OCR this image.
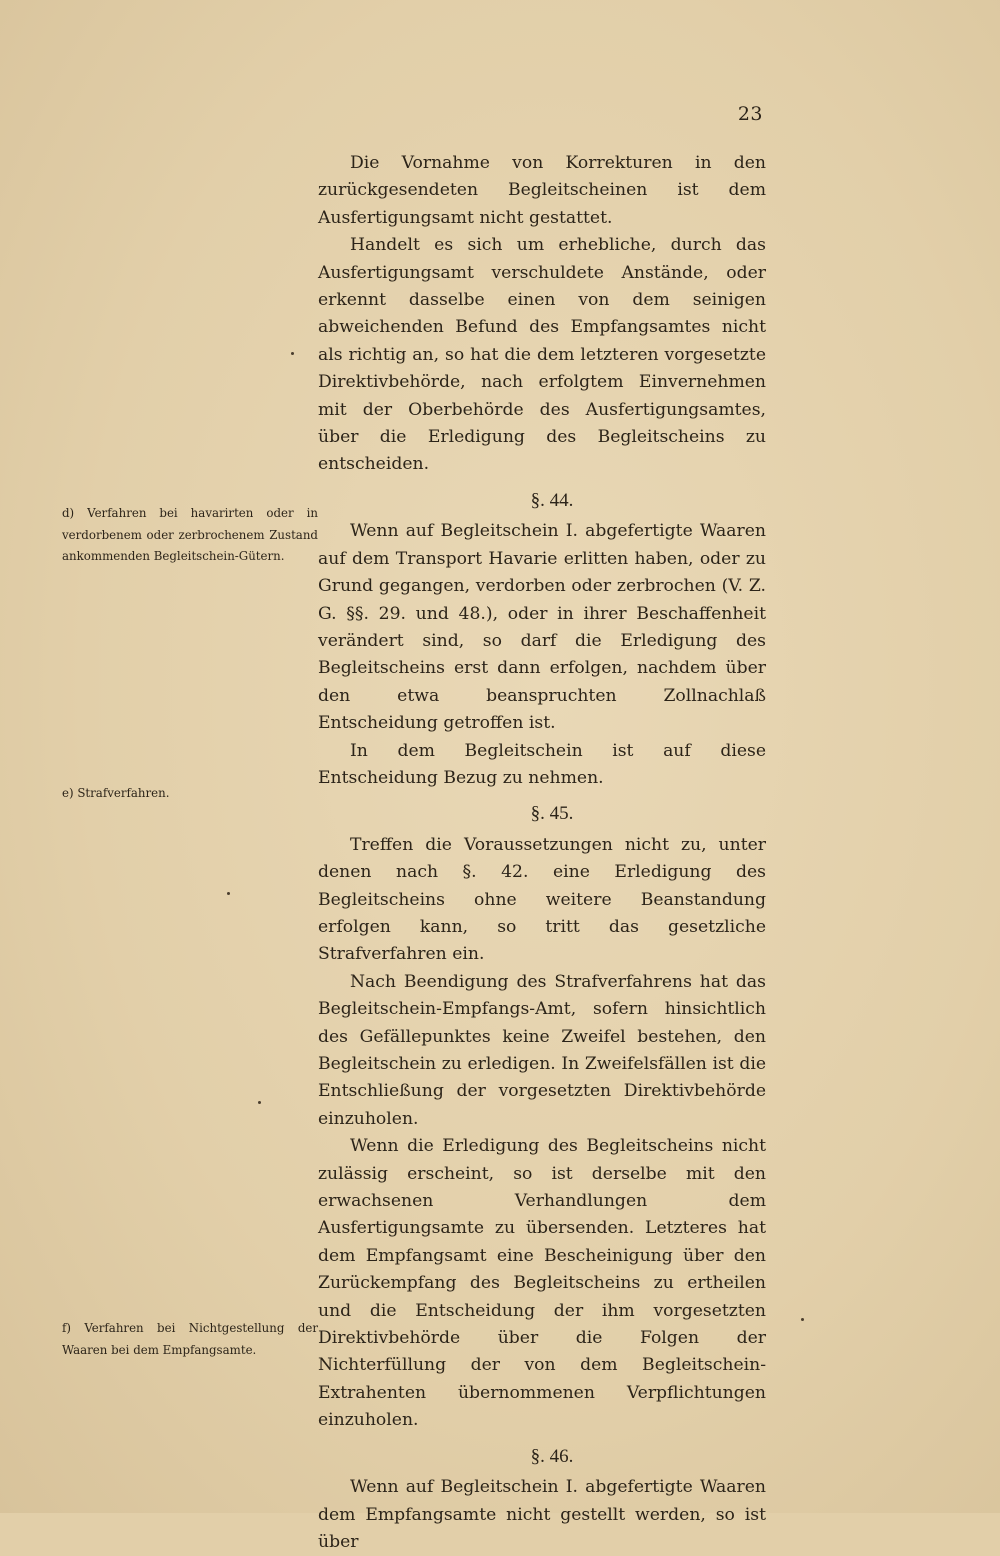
23

Die Vornahme von Korrekturen in den zurückgesendeten Begleitscheinen ist dem Ausfertigungsamt nicht gestattet.

Handelt es sich um erhebliche, durch das Ausfertigungsamt verschuldete Anstände, oder erkennt dasselbe einen von dem seinigen abweichenden Befund des Empfangsamtes nicht als richtig an, so hat die dem letzteren vorgesetzte Direktivbehörde, nach erfolgtem Einvernehmen mit der Oberbehörde des Ausfertigungsamtes, über die Erledigung des Begleitscheins zu entscheiden.

§. 44.

Wenn auf Begleitschein I. abgefertigte Waaren auf dem Transport Havarie erlitten haben, oder zu Grund gegangen, verdorben oder zerbrochen (V. Z. G. §§. 29. und 48.), oder in ihrer Beschaffenheit verändert sind, so darf die Erledigung des Begleitscheins erst dann erfolgen, nachdem über den etwa beanspruchten Zollnachlaß Entscheidung getroffen ist.

In dem Begleitschein ist auf diese Entscheidung Bezug zu nehmen.

§. 45.

Treffen die Voraussetzungen nicht zu, unter denen nach §. 42. eine Erledigung des Begleitscheins ohne weitere Beanstandung erfolgen kann, so tritt das gesetzliche Strafverfahren ein.

Nach Beendigung des Strafverfahrens hat das Begleitschein-Empfangs-Amt, sofern hinsichtlich des Gefällepunktes keine Zweifel bestehen, den Begleitschein zu erledigen. In Zweifelsfällen ist die Entschließung der vorgesetzten Direktivbehörde einzuholen.

Wenn die Erledigung des Begleitscheins nicht zulässig erscheint, so ist derselbe mit den erwachsenen Verhandlungen dem Ausfertigungsamte zu übersenden. Letzteres hat dem Empfangsamt eine Bescheinigung über den Zurückempfang des Begleitscheins zu ertheilen und die Entscheidung der ihm vorgesetzten Direktivbehörde über die Folgen der Nichterfüllung der von dem Begleitschein-Extrahenten übernommenen Verpflichtungen einzuholen.

§. 46.

Wenn auf Begleitschein I. abgefertigte Waaren dem Empfangsamte nicht gestellt werden, so ist über

d) Verfahren bei havarirten oder in verdorbenem oder zerbrochenem Zustand ankommenden Begleitschein-Gütern.
e) Strafverfahren.
f) Verfahren bei Nichtgestellung der Waaren bei dem Empfangsamte.
